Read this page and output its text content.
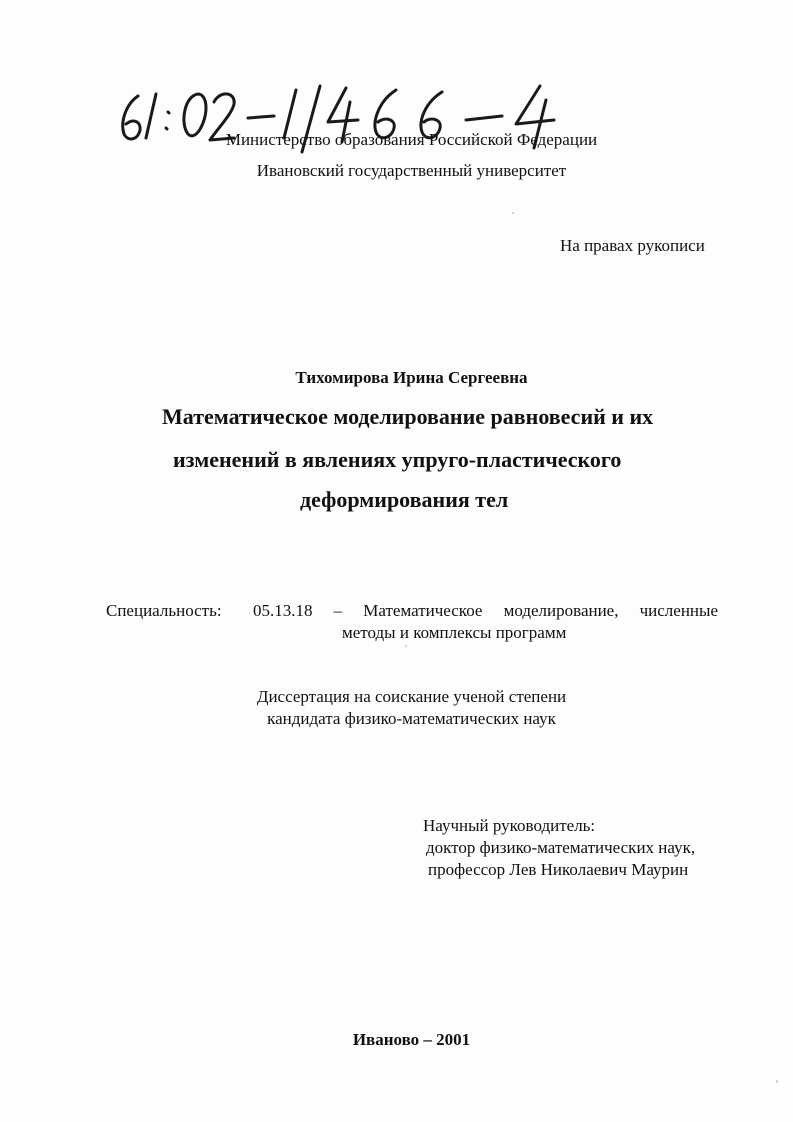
Министерство образования Российской Федерации
Ивановский государственный университет
На правах рукописи
Тихомирова Ирина Сергеевна
Математическое моделирование равновесий и их
изменений в явлениях упруго-пластического
деформирования тел
Специальность: 05.13.18 – Математическое моделирование, численные
методы и комплексы программ
Диссертация на соискание ученой степени
кандидата физико-математических наук
Научный руководитель:
доктор физико-математических наук,
профессор Лев Николаевич Маурин
Иваново – 2001
